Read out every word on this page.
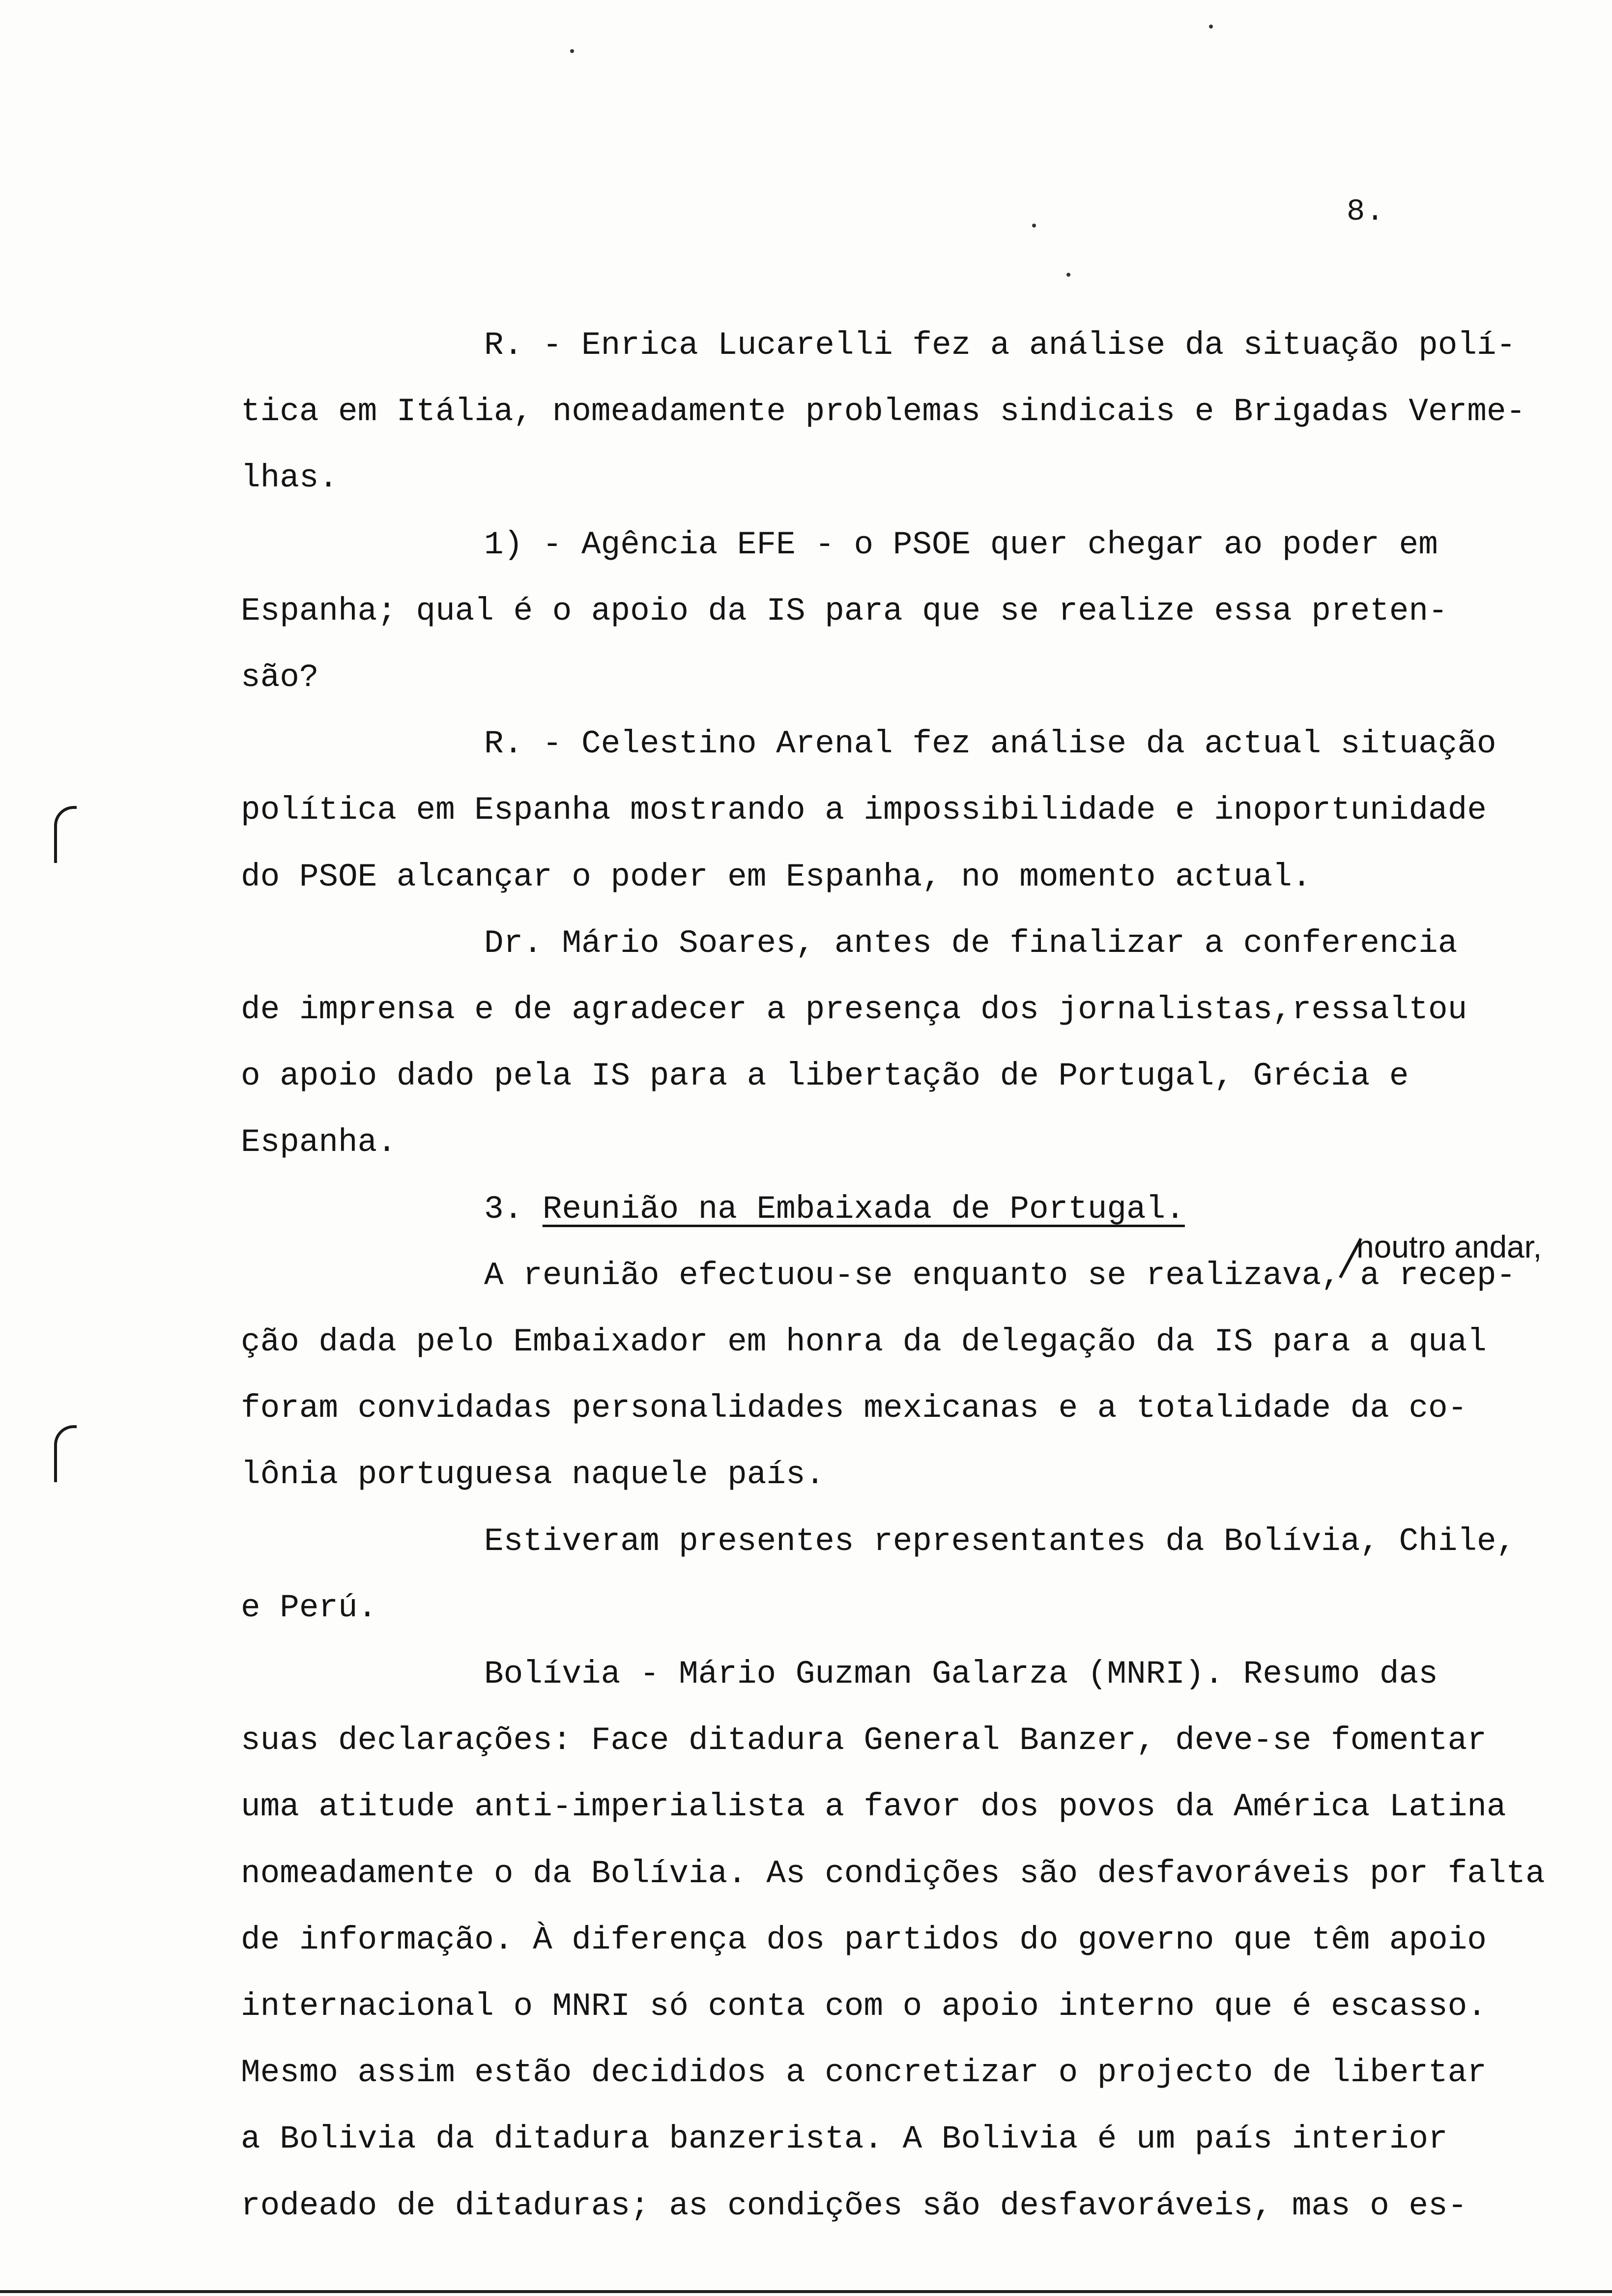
8.
R. - Enrica Lucarelli fez a análise da situação polí-
tica em Itália, nomeadamente problemas sindicais e Brigadas Verme-
lhas.
1) - Agência EFE - o PSOE quer chegar ao poder em
Espanha; qual é o apoio da IS para que se realize essa preten-
são?
R. - Celestino Arenal fez análise da actual situação
política em Espanha mostrando a impossibilidade e inoportunidade
do PSOE alcançar o poder em Espanha, no momento actual.
Dr. Mário Soares, antes de finalizar a conferencia
de imprensa e de agradecer a presença dos jornalistas,ressaltou
o apoio dado pela IS para a libertação de Portugal, Grécia e
Espanha.
3. Reunião na Embaixada de Portugal.
A reunião efectuou-se enquanto se realizava, a recep-
ção dada pelo Embaixador em honra da delegação da IS para a qual
foram convidadas personalidades mexicanas e a totalidade da co-
lônia portuguesa naquele país.
Estiveram presentes representantes da Bolívia, Chile,
e Perú.
Bolívia - Mário Guzman Galarza (MNRI). Resumo das
suas declarações: Face ditadura General Banzer, deve-se fomentar
uma atitude anti-imperialista a favor dos povos da América Latina
nomeadamente o da Bolívia. As condições são desfavoráveis por falta
de informação. À diferença dos partidos do governo que têm apoio
internacional o MNRI só conta com o apoio interno que é escasso.
Mesmo assim estão decididos a concretizar o projecto de libertar
a Bolivia da ditadura banzerista. A Bolivia é um país interior
rodeado de ditaduras; as condições são desfavoráveis, mas o es-
noutro andar,
